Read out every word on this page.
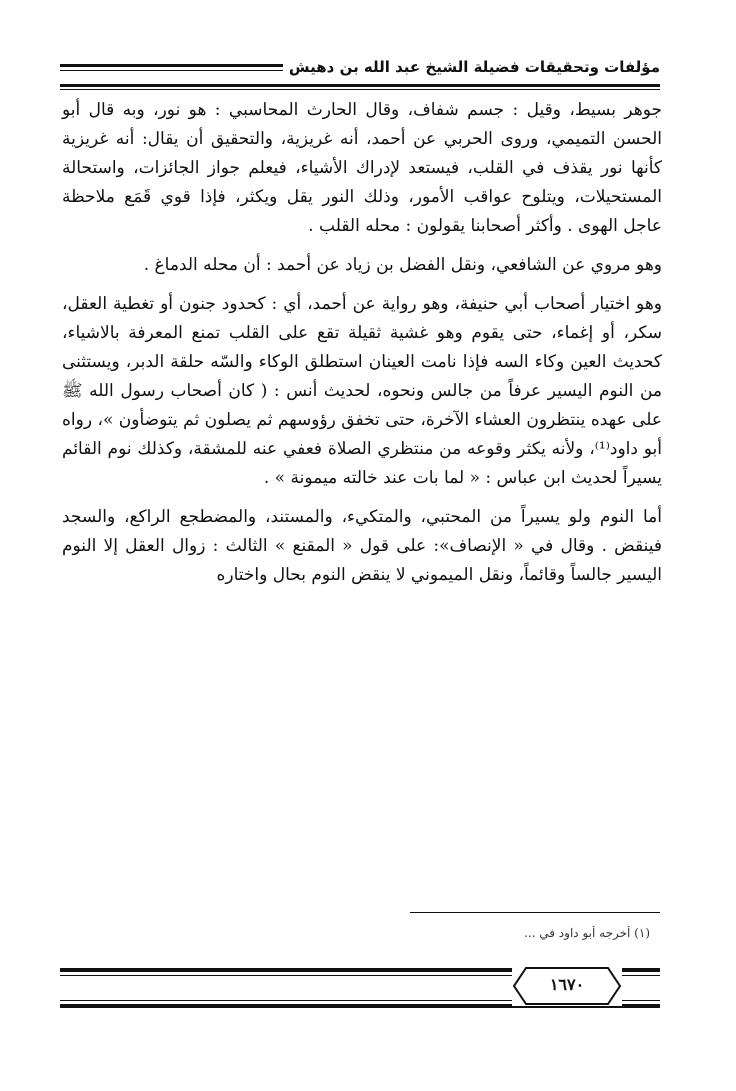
مؤلفات وتحقيقات فضيلة الشيخ عبد الله بن دهيش

جوهر بسيط، وقيل : جسم شفاف، وقال الحارث المحاسبي : هو نور، وبه قال أبو الحسن التميمي، وروى الحربي عن أحمد، أنه غريزية، والتحقيق أن يقال: أنه غريزية كأنها نور يقذف في القلب، فيستعد لإدراك الأشياء، فيعلم جواز الجائزات، واستحالة المستحيلات، ويتلوح عواقب الأمور، وذلك النور يقل ويكثر، فإذا قوي قَمَع ملاحظة عاجل الهوى . وأكثر أصحابنا يقولون : محله القلب .

وهو مروي عن الشافعي، ونقل الفضل بن زياد عن أحمد : أن محله الدماغ .

وهو اختيار أصحاب أبي حنيفة، وهو رواية عن أحمد، أي : كحدود جنون أو تغطية العقل، سكر، أو إغماء، حتى يقوم وهو غشية ثقيلة تقع على القلب تمنع المعرفة بالاشياء، كحديث العين وكاء السه فإذا نامت العينان استطلق الوكاء والسّه حلقة الدبر، ويستثنى من النوم اليسير عرفاً من جالس ونحوه، لحديث أنس : ( كان أصحاب رسول الله ﷺ على عهده ينتظرون العشاء الآخرة، حتى تخفق رؤوسهم ثم يصلون ثم يتوضأون »، رواه أبو داود⁽¹⁾، ولأنه يكثر وقوعه من منتظري الصلاة فعفي عنه للمشقة، وكذلك نوم القائم يسيراً لحديث ابن عباس : « لما بات عند خالته ميمونة » .

أما النوم ولو يسيراً من المحتبي، والمتكيء، والمستند، والمضطجع الراكع، والسجد فينقض . وقال في « الإنصاف»: على قول « المقنع » الثالث : زوال العقل إلا النوم اليسير جالساً وقائماً، ونقل الميموني لا ينقض النوم بحال واختاره

(١) أخرجه أبو داود في ...
١٦٧٠
